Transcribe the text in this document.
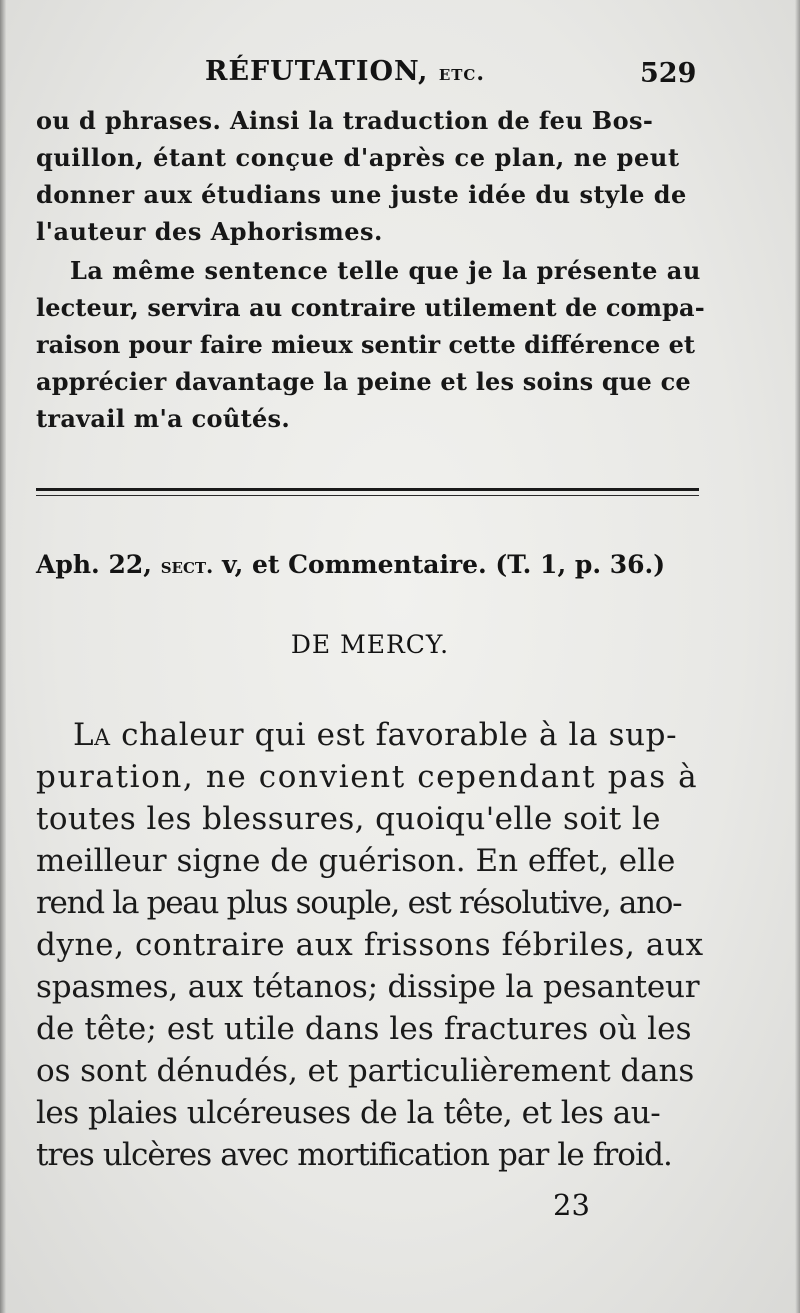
RÉFUTATION, etc.	529
ou d phrases. Ainsi la traduction de feu Bos-
quillon, étant conçue d'après ce plan, ne peut
donner aux étudians une juste idée du style de
l'auteur des Aphorismes.
La même sentence telle que je la présente au
lecteur, servira au contraire utilement de compa-
raison pour faire mieux sentir cette différence et
apprécier davantage la peine et les soins que ce
travail m'a coûtés.
Aph. 22, sect. v, et Commentaire. (T. 1, p. 36.)
DE MERCY.
La chaleur qui est favorable à la sup-
puration, ne convient cependant pas à
toutes les blessures, quoiqu'elle soit le
meilleur signe de guérison. En effet, elle
rend la peau plus souple, est résolutive, ano-
dyne, contraire aux frissons fébriles, aux
spasmes, aux tétanos; dissipe la pesanteur
de tête; est utile dans les fractures où les
os sont dénudés, et particulièrement dans
les plaies ulcéreuses de la tête, et les au-
tres ulcères avec mortification par le froid.
23
